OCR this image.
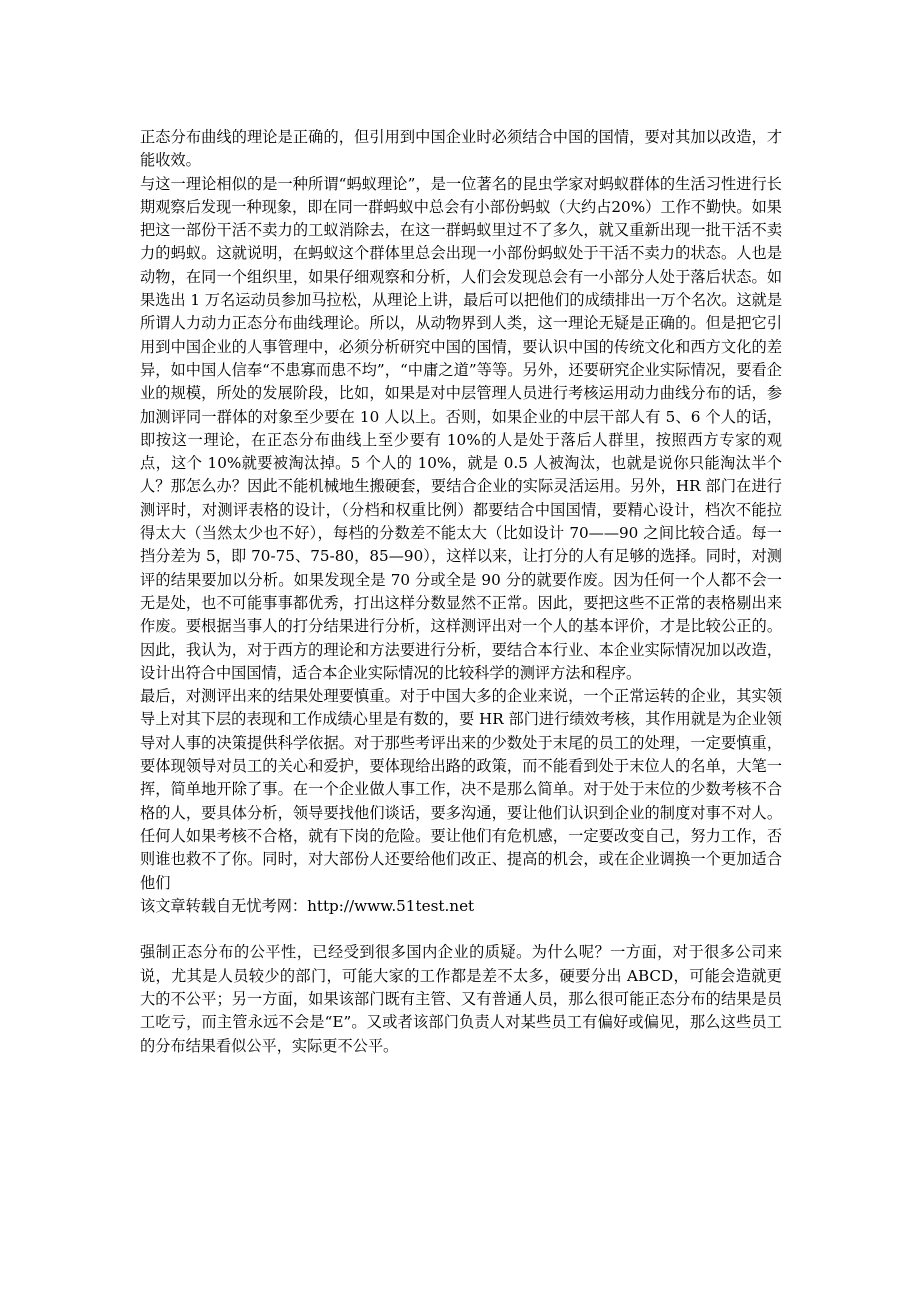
正态分布曲线的理论是正确的，但引用到中国企业时必须结合中国的国情，要对其加以改造，才能收效。

与这一理论相似的是一种所谓“蚂蚁理论”，是一位著名的昆虫学家对蚂蚁群体的生活习性进行长期观察后发现一种现象，即在同一群蚂蚁中总会有小部份蚂蚁（大约占20%）工作不勤快。如果把这一部份干活不卖力的工蚁消除去，在这一群蚂蚁里过不了多久，就又重新出现一批干活不卖力的蚂蚁。这就说明，在蚂蚁这个群体里总会出现一小部份蚂蚁处于干活不卖力的状态。人也是动物，在同一个组织里，如果仔细观察和分析，人们会发现总会有一小部分人处于落后状态。如果选出 1 万名运动员参加马拉松，从理论上讲，最后可以把他们的成绩排出一万个名次。这就是所谓人力动力正态分布曲线理论。所以，从动物界到人类，这一理论无疑是正确的。但是把它引用到中国企业的人事管理中，必须分析研究中国的国情，要认识中国的传统文化和西方文化的差异，如中国人信奉“不患寡而患不均”，“中庸之道”等等。另外，还要研究企业实际情况，要看企业的规模，所处的发展阶段，比如，如果是对中层管理人员进行考核运用动力曲线分布的话，参加测评同一群体的对象至少要在 10 人以上。否则，如果企业的中层干部人有 5、6 个人的话，即按这一理论，在正态分布曲线上至少要有 10%的人是处于落后人群里，按照西方专家的观点，这个 10%就要被淘汰掉。5 个人的 10%，就是 0.5 人被淘汰，也就是说你只能淘汰半个人？那怎么办？因此不能机械地生搬硬套，要结合企业的实际灵活运用。另外，HR 部门在进行测评时，对测评表格的设计，（分档和权重比例）都要结合中国国情，要精心设计，档次不能拉得太大（当然太少也不好），每档的分数差不能太大（比如设计 70——90 之间比较合适。每一挡分差为 5，即 70-75、75-80，85—90），这样以来，让打分的人有足够的选择。同时，对测评的结果要加以分析。如果发现全是 70 分或全是 90 分的就要作废。因为任何一个人都不会一无是处，也不可能事事都优秀，打出这样分数显然不正常。因此，要把这些不正常的表格剔出来作废。要根据当事人的打分结果进行分析，这样测评出对一个人的基本评价，才是比较公正的。因此，我认为，对于西方的理论和方法要进行分析，要结合本行业、本企业实际情况加以改造，设计出符合中国国情，适合本企业实际情况的比较科学的测评方法和程序。

最后，对测评出来的结果处理要慎重。对于中国大多的企业来说，一个正常运转的企业，其实领导上对其下层的表现和工作成绩心里是有数的，要 HR 部门进行绩效考核，其作用就是为企业领导对人事的决策提供科学依据。对于那些考评出来的少数处于末尾的员工的处理，一定要慎重，要体现领导对员工的关心和爱护，要体现给出路的政策，而不能看到处于末位人的名单，大笔一挥，简单地开除了事。在一个企业做人事工作，决不是那么简单。对于处于末位的少数考核不合格的人，要具体分析，领导要找他们谈话，要多沟通，要让他们认识到企业的制度对事不对人。任何人如果考核不合格，就有下岗的危险。要让他们有危机感，一定要改变自己，努力工作，否则谁也救不了你。同时，对大部份人还要给他们改正、提高的机会，或在企业调换一个更加适合他们

该文章转载自无忧考网：http://www.51test.net

强制正态分布的公平性，已经受到很多国内企业的质疑。为什么呢？一方面，对于很多公司来说，尤其是人员较少的部门，可能大家的工作都是差不太多，硬要分出 ABCD，可能会造就更大的不公平；另一方面，如果该部门既有主管、又有普通人员，那么很可能正态分布的结果是员工吃亏，而主管永远不会是“E”。又或者该部门负责人对某些员工有偏好或偏见，那么这些员工的分布结果看似公平，实际更不公平。
